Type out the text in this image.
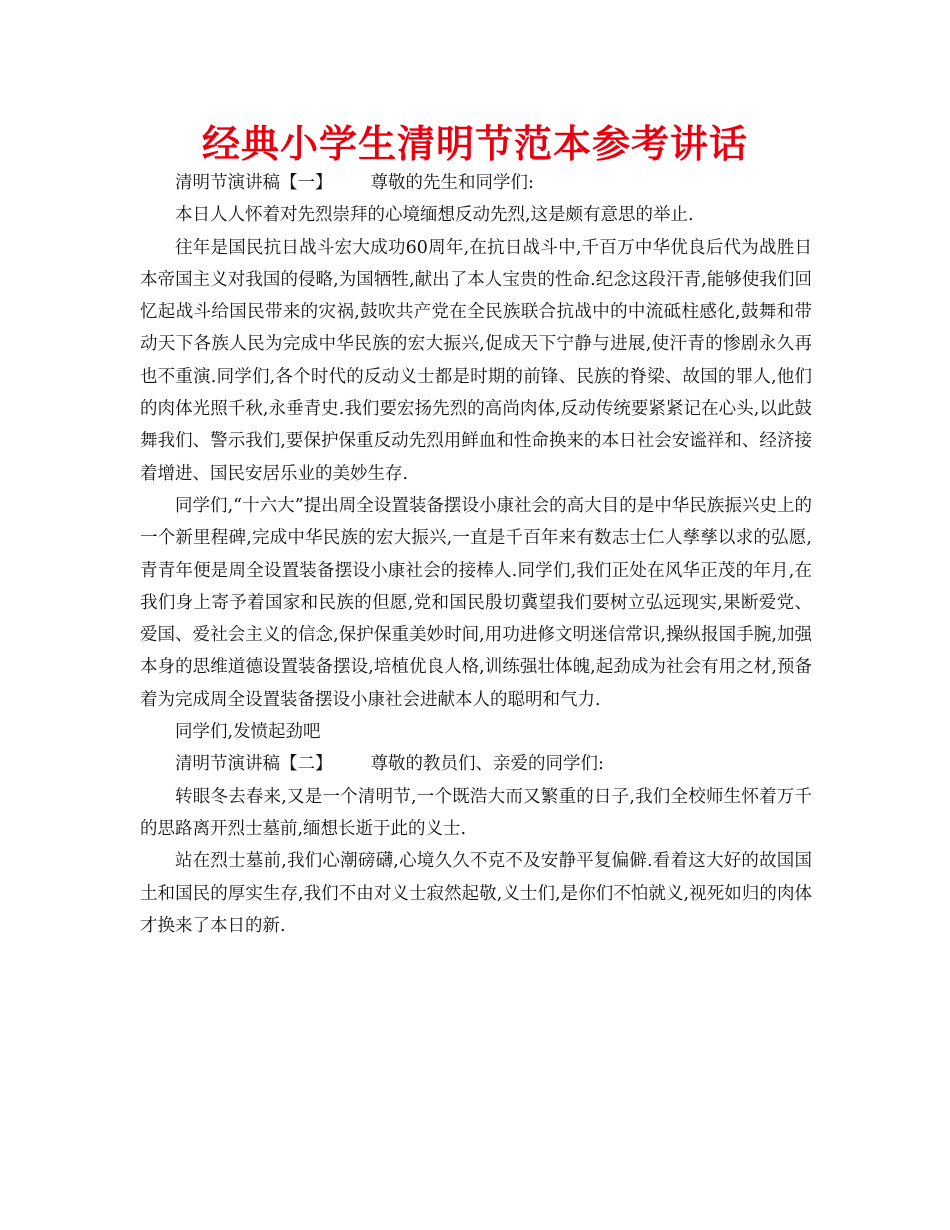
经典小学生清明节范本参考讲话
清明节演讲稿【一】 尊敬的先生和同学们:

本日人人怀着对先烈崇拜的心境缅想反动先烈,这是颇有意思的举止.

往年是国民抗日战斗宏大成功60周年,在抗日战斗中,千百万中华优良后代为战胜日本帝国主义对我国的侵略,为国牺牲,献出了本人宝贵的性命.纪念这段汗青,能够使我们回忆起战斗给国民带来的灾祸,鼓吹共产党在全民族联合抗战中的中流砥柱感化,鼓舞和带动天下各族人民为完成中华民族的宏大振兴,促成天下宁静与进展,使汗青的惨剧永久再也不重演.同学们,各个时代的反动义士都是时期的前锋、民族的脊梁、故国的罪人,他们的肉体光照千秋,永垂青史.我们要宏扬先烈的高尚肉体,反动传统要紧紧记在心头,以此鼓舞我们、警示我们,要保护保重反动先烈用鲜血和性命换来的本日社会安谧祥和、经济接着增进、国民安居乐业的美妙生存.

同学们,“十六大”提出周全设置装备摆设小康社会的高大目的是中华民族振兴史上的一个新里程碑,完成中华民族的宏大振兴,一直是千百年来有数志士仁人孳孳以求的弘愿,青青年便是周全设置装备摆设小康社会的接棒人.同学们,我们正处在风华正茂的年月,在我们身上寄予着国家和民族的但愿,党和国民殷切冀望我们要树立弘远现实,果断爱党、爱国、爱社会主义的信念,保护保重美妙时间,用功进修文明迷信常识,操纵报国手腕,加强本身的思维道德设置装备摆设,培植优良人格,训练强壮体魄,起劲成为社会有用之材,预备着为完成周全设置装备摆设小康社会进献本人的聪明和气力.

同学们,发愤起劲吧

清明节演讲稿【二】 尊敬的教员们、亲爱的同学们:

转眼冬去春来,又是一个清明节,一个既浩大而又繁重的日子,我们全校师生怀着万千的思路离开烈士墓前,缅想长逝于此的义士.

站在烈士墓前,我们心潮磅礴,心境久久不克不及安静平复偏僻.看着这大好的故国国土和国民的厚实生存,我们不由对义士寂然起敬,义士们,是你们不怕就义,视死如归的肉体才换来了本日的新.
